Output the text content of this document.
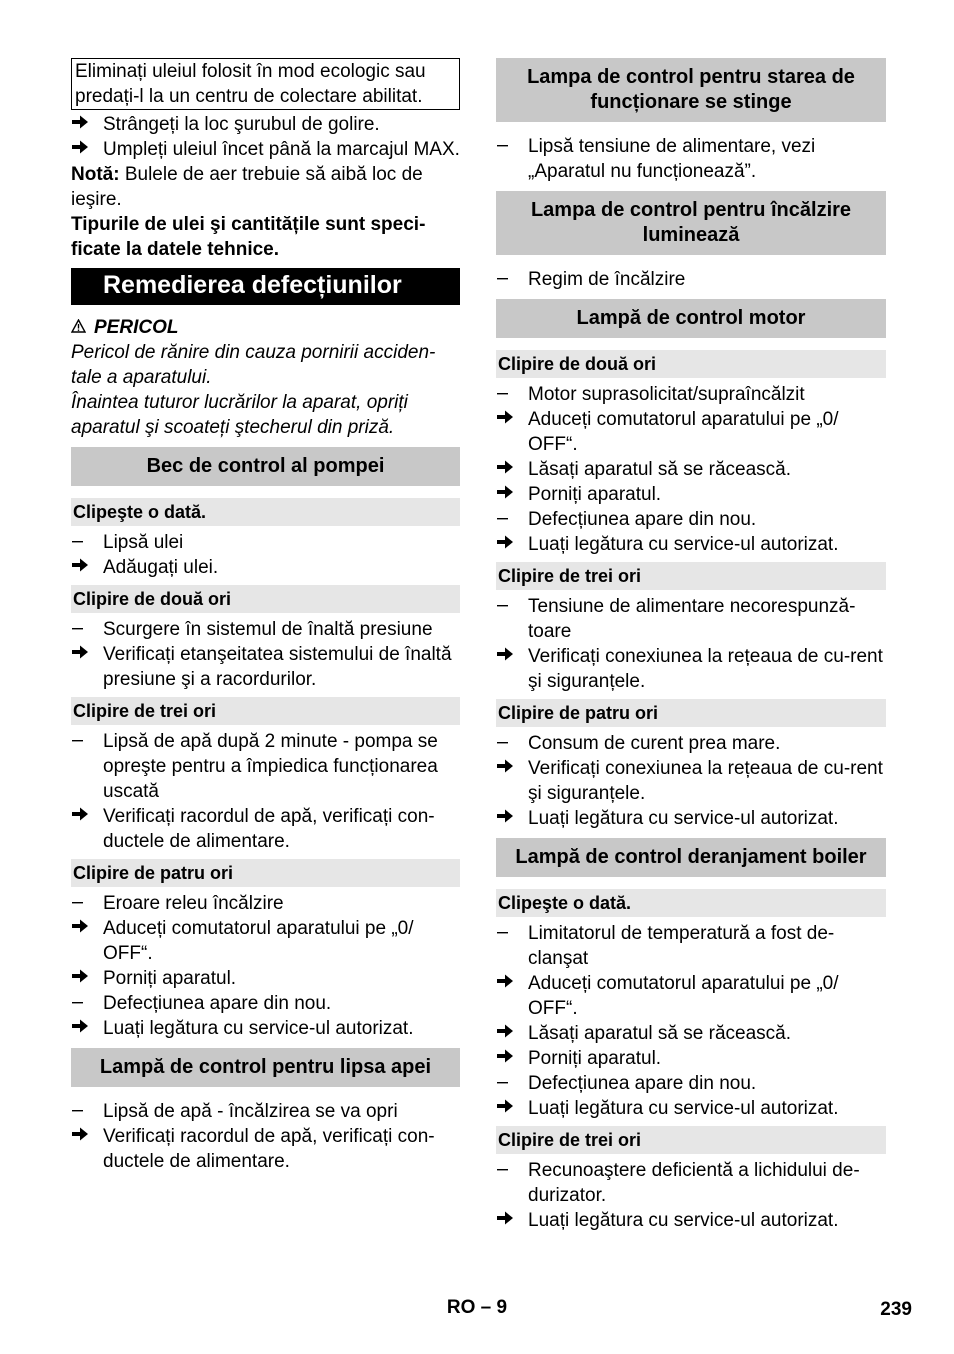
Eliminați uleiul folosit în mod ecologic sau predați-l la un centru de colectare abilitat.
Strângeți la loc şurubul de golire.
Umpleți uleiul încet până la marcajul MAX.

Notă: Bulele de aer trebuie să aibă loc de ieşire.

Tipurile de ulei şi cantitățile sunt speci-ficate la datele tehnice.

Remedierea defecțiunilor

PERICOL

Pericol de rănire din cauza pornirii acciden-tale a aparatului.

Înaintea tuturor lucrărilor la aparat, opriți aparatul şi scoateți ştecherul din priză.

Bec de control al pompei
Clipeşte o dată.
Lipsă ulei
Adăugați ulei.
Clipire de două ori
Scurgere în sistemul de înaltă presiune
Verificați etanşeitatea sistemului de înaltă presiune şi a racordurilor.
Clipire de trei ori
Lipsă de apă după 2 minute - pompa se opreşte pentru a împiedica funcționarea uscată
Verificați racordul de apă, verificați con-ductele de alimentare.
Clipire de patru ori
Eroare releu încălzire
Aduceți comutatorul aparatului pe „0/ OFF“.
Porniți aparatul.
Defecțiunea apare din nou.
Luați legătura cu service-ul autorizat.
Lampă de control pentru lipsa apei
Lipsă de apă - încălzirea se va opri
Verificați racordul de apă, verificați con-ductele de alimentare.
Lampa de control pentru starea de funcționare se stinge
Lipsă tensiune de alimentare, vezi „Aparatul nu funcționează”.
Lampa de control pentru încălzire luminează
Regim de încălzire
Lampă de control motor
Clipire de două ori
Motor suprasolicitat/supraîncălzit
Aduceți comutatorul aparatului pe „0/ OFF“.
Lăsați aparatul să se răcească.
Porniți aparatul.
Defecțiunea apare din nou.
Luați legătura cu service-ul autorizat.
Clipire de trei ori
Tensiune de alimentare necorespunză-toare
Verificați conexiunea la rețeaua de cu-rent şi siguranțele.
Clipire de patru ori
Consum de curent prea mare.
Verificați conexiunea la rețeaua de cu-rent şi siguranțele.
Luați legătura cu service-ul autorizat.
Lampă de control deranjament boiler
Clipeşte o dată.
Limitatorul de temperatură a fost de-clanşat
Aduceți comutatorul aparatului pe „0/ OFF“.
Lăsați aparatul să se răcească.
Porniți aparatul.
Defecțiunea apare din nou.
Luați legătura cu service-ul autorizat.
Clipire de trei ori
Recunoaştere deficientă a lichidului de-durizator.
Luați legătura cu service-ul autorizat.
RO – 9	239
